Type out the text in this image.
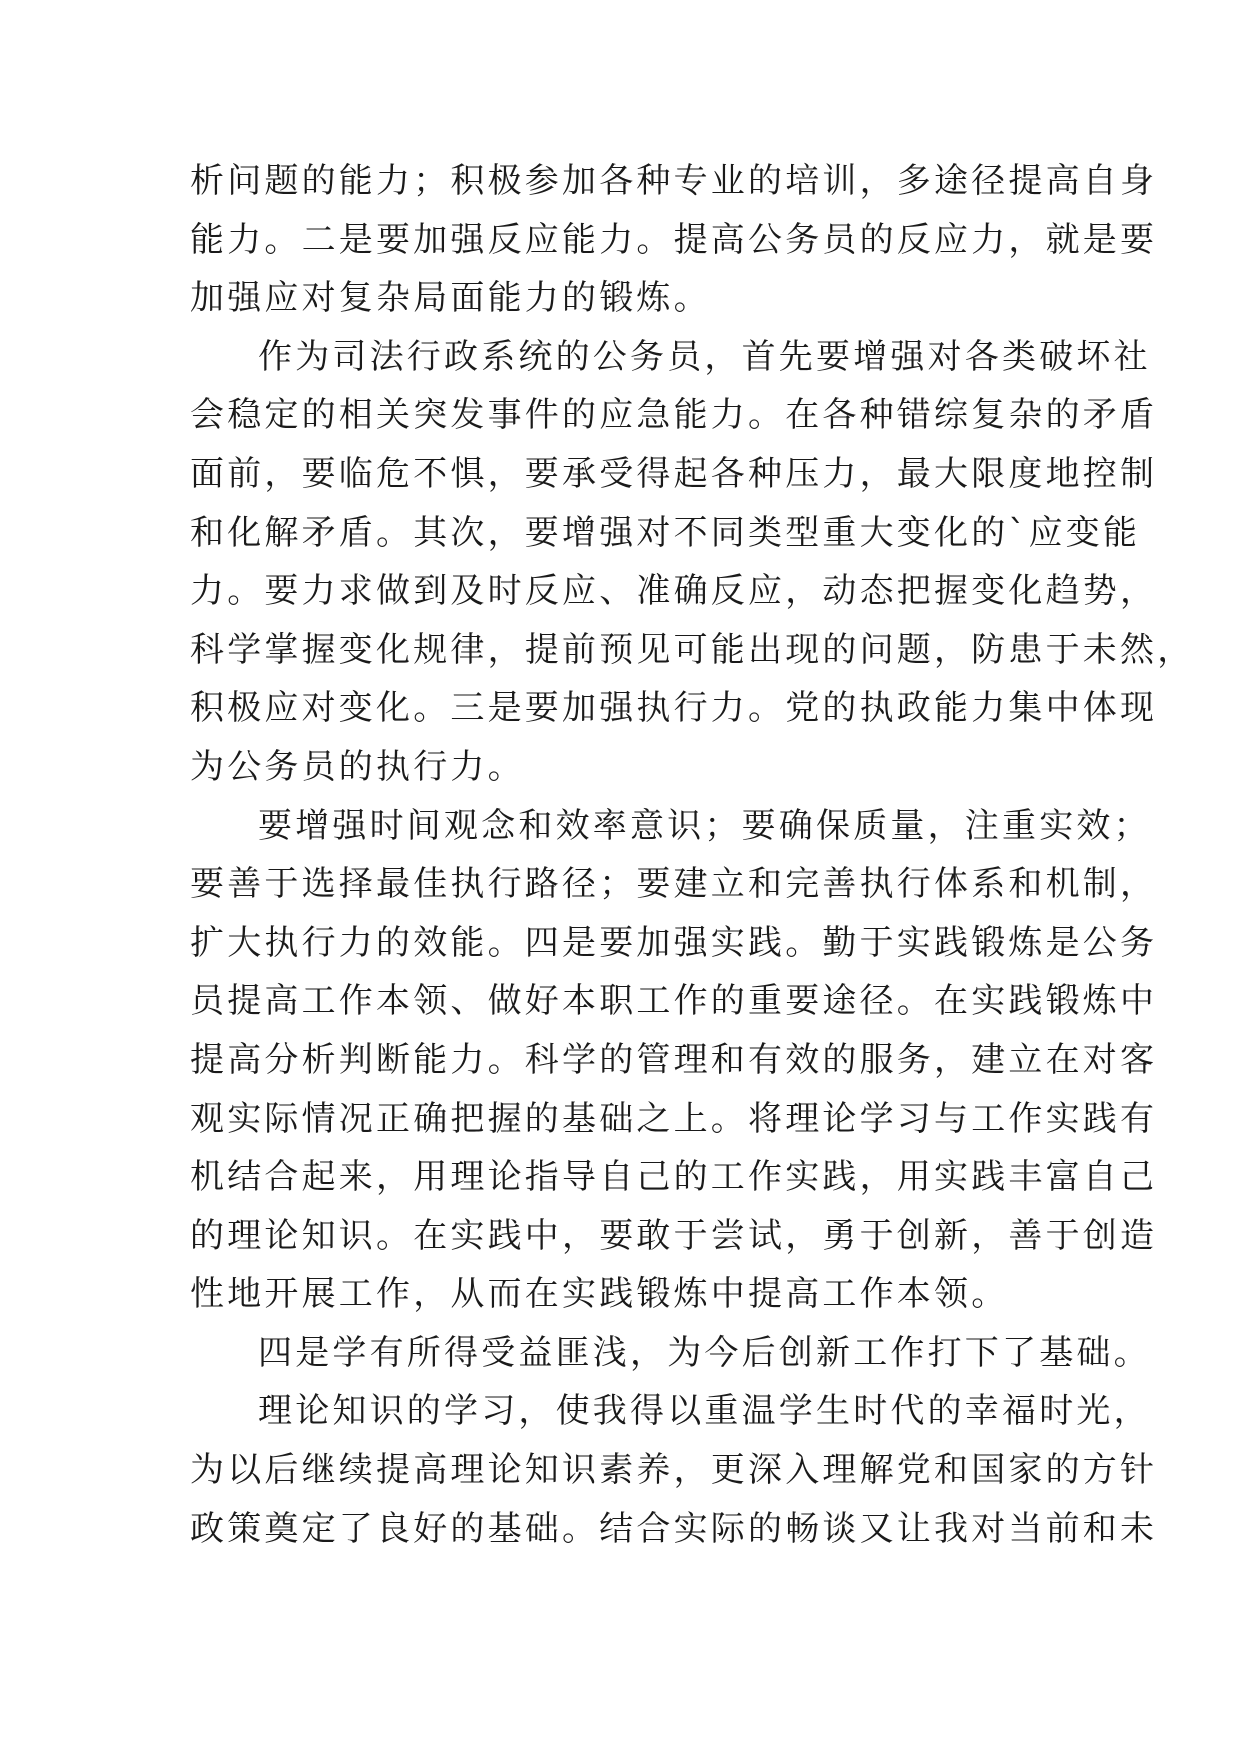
析问题的能力；积极参加各种专业的培训，多途径提高自身
能力。二是要加强反应能力。提高公务员的反应力，就是要
加强应对复杂局面能力的锻炼。
作为司法行政系统的公务员，首先要增强对各类破坏社
会稳定的相关突发事件的应急能力。在各种错综复杂的矛盾
面前，要临危不惧，要承受得起各种压力，最大限度地控制
和化解矛盾。其次，要增强对不同类型重大变化的`应变能
力。要力求做到及时反应、准确反应，动态把握变化趋势，
科学掌握变化规律，提前预见可能出现的问题，防患于未然，
积极应对变化。三是要加强执行力。党的执政能力集中体现
为公务员的执行力。
要增强时间观念和效率意识；要确保质量，注重实效；
要善于选择最佳执行路径；要建立和完善执行体系和机制，
扩大执行力的效能。四是要加强实践。勤于实践锻炼是公务
员提高工作本领、做好本职工作的重要途径。在实践锻炼中
提高分析判断能力。科学的管理和有效的服务，建立在对客
观实际情况正确把握的基础之上。将理论学习与工作实践有
机结合起来，用理论指导自己的工作实践，用实践丰富自己
的理论知识。在实践中，要敢于尝试，勇于创新，善于创造
性地开展工作，从而在实践锻炼中提高工作本领。
四是学有所得受益匪浅，为今后创新工作打下了基础。
理论知识的学习，使我得以重温学生时代的幸福时光，
为以后继续提高理论知识素养，更深入理解党和国家的方针
政策奠定了良好的基础。结合实际的畅谈又让我对当前和未
